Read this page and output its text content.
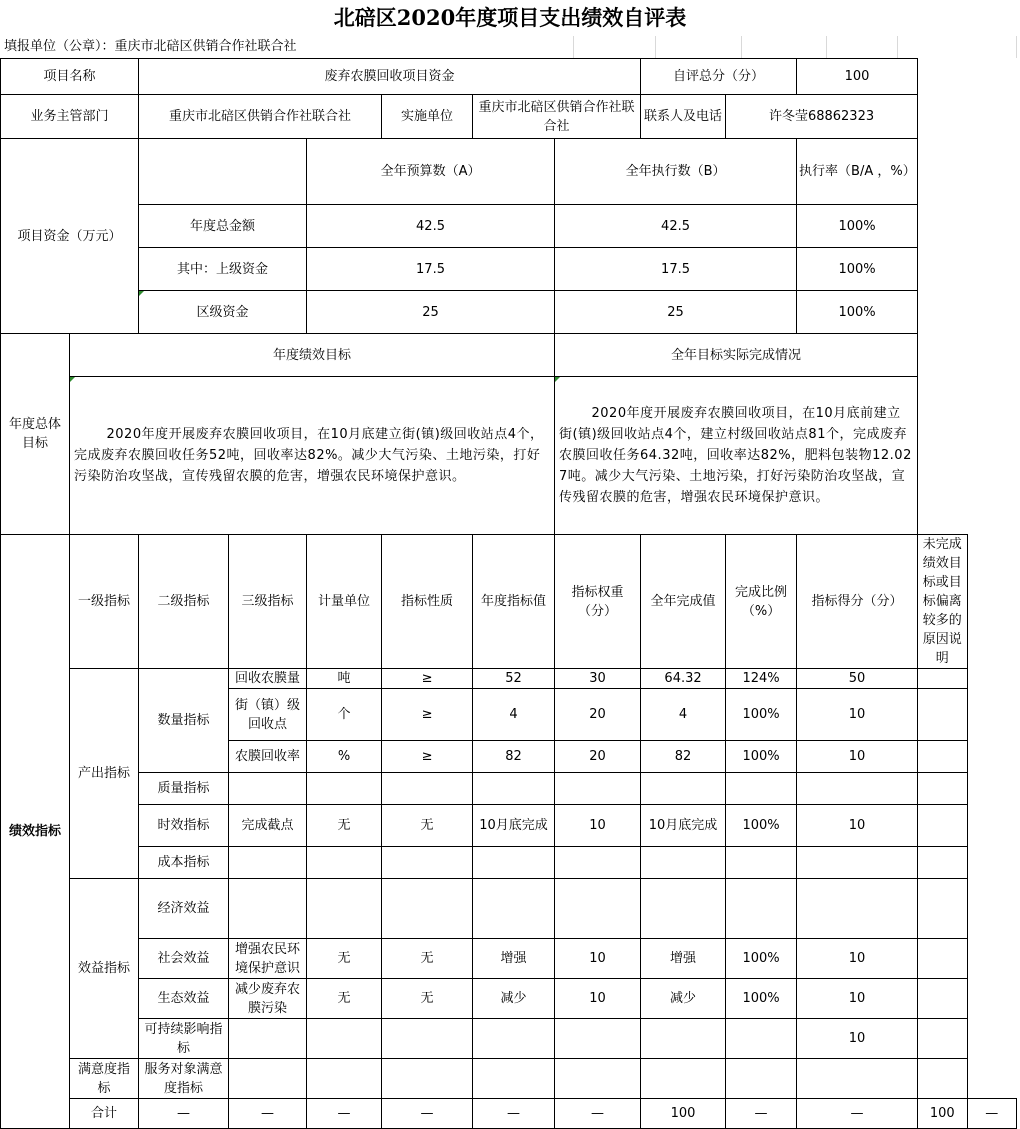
北碚区2020年度项目支出绩效自评表
填报单位（公章）：重庆市北碚区供销合作社联合社
项目名称		废弃农膜回收项目资金						自评总分（分）		100		
业务主管部门		重庆市北碚区供销合作社联合社			实施单位	重庆市北碚区供销合作社联合社		联系人及电话	许冬莹68862323			
项目资金（万元）				全年预算数（A）			全年执行数（B）			执行率（B/A ，%）		
		年度总金额		42.5			42.5			100%		
		其中：上级资金		17.5			17.5			100%		
		区级资金		25			25			100%		
年度总体目标	年度绩效目标						全年目标实际完成情况					
	2020年度开展废弃农膜回收项目，在10月底建立街(镇)级回收站点4个，完成废弃农膜回收任务52吨，回收率达82%。减少大气污染、土地污染，打好污染防治攻坚战，宣传残留农膜的危害，增强农民环境保护意识。						2020年度开展废弃农膜回收项目，在10月底前建立街(镇)级回收站点4个，建立村级回收站点81个，完成废弃农膜回收任务64.32吨，回收率达82%，肥料包装物12.027吨。减少大气污染、土地污染，打好污染防治攻坚战，宣传残留农膜的危害，增强农民环境保护意识。					
绩效指标	一级指标	二级指标	三级指标	计量单位	指标性质	年度指标值	指标权重（分）	全年完成值	完成比例（%）	指标得分（分）	未完成绩效目标或目标偏离较多的原因说明	
	产出指标	数量指标	回收农膜量	吨	≥	52	30	64.32	124%	50		
			街（镇）级回收点	个	≥	4	20	4	100%	10		
			农膜回收率	%	≥	82	20	82	100%	10		
		质量指标										
		时效指标	完成截点	无	无	10月底完成	10	10月底完成	100%	10		
		成本指标										
	效益指标	经济效益										
		社会效益	增强农民环境保护意识	无	无	增强	10	增强	100%	10		
		生态效益	减少废弃农膜污染	无	无	减少	10	减少	100%	10		
		可持续影响指标								10		
	满意度指标	服务对象满意度指标										
	合计	—	—	—	—	—	—	100	—	—	100	—
